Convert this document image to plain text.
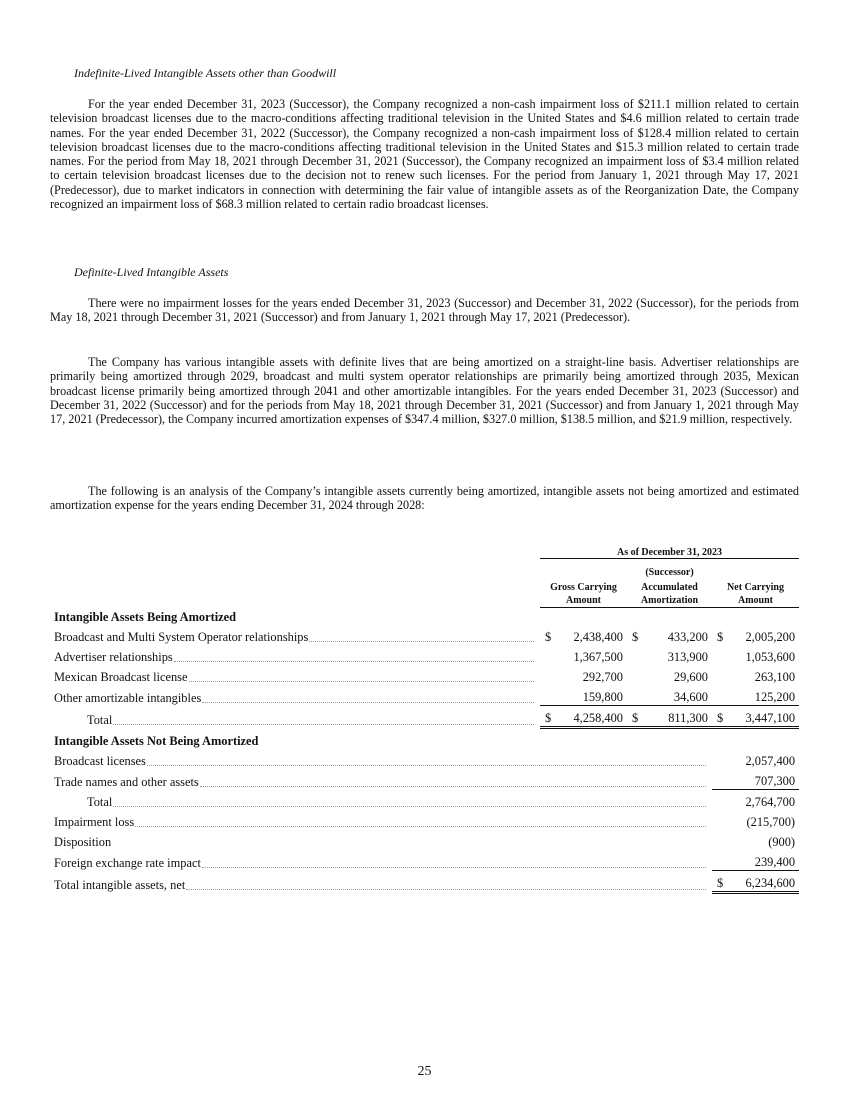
Indefinite-Lived Intangible Assets other than Goodwill

For the year ended December 31, 2023 (Successor), the Company recognized a non-cash impairment loss of $211.1 million related to certain television broadcast licenses due to the macro-conditions affecting traditional television in the United States and $4.6 million related to certain trade names. For the year ended December 31, 2022 (Successor), the Company recognized a non-cash impairment loss of $128.4 million related to certain television broadcast licenses due to the macro-conditions affecting traditional television in the United States and $15.3 million related to certain trade names. For the period from May 18, 2021 through December 31, 2021 (Successor), the Company recognized an impairment loss of $3.4 million related to certain television broadcast licenses due to the decision not to renew such licenses. For the period from January 1, 2021 through May 17, 2021 (Predecessor), due to market indicators in connection with determining the fair value of intangible assets as of the Reorganization Date, the Company recognized an impairment loss of $68.3 million related to certain radio broadcast licenses.

Definite-Lived Intangible Assets

There were no impairment losses for the years ended December 31, 2023 (Successor) and December 31, 2022 (Successor), for the periods from May 18, 2021 through December 31, 2021 (Successor) and from January 1, 2021 through May 17, 2021 (Predecessor).

The Company has various intangible assets with definite lives that are being amortized on a straight-line basis. Advertiser relationships are primarily being amortized through 2029, broadcast and multi system operator relationships are primarily being amortized through 2035, Mexican broadcast license primarily being amortized through 2041 and other amortizable intangibles. For the years ended December 31, 2023 (Successor) and December 31, 2022 (Successor) and for the periods from May 18, 2021 through December 31, 2021 (Successor) and from January 1, 2021 through May 17, 2021 (Predecessor), the Company incurred amortization expenses of $347.4 million, $327.0 million, $138.5 million, and $21.9 million, respectively.

The following is an analysis of the Company’s intangible assets currently being amortized, intangible assets not being amortized and estimated amortization expense for the years ending December 31, 2024 through 2028:

	As of December 31, 2023		
	(Successor)		
	Gross Carrying Amount	Accumulated Amortization	Net Carrying Amount
Intangible Assets Being Amortized			

Broadcast and Multi System Operator relationships	$ 2,438,400	$ 433,200	$ 2,005,200

Advertiser relationships	1,367,500	313,900	1,053,600

Mexican Broadcast license	292,700	29,600	263,100

Other amortizable intangibles	159,800	34,600	125,200

Total	$ 4,258,400	$ 811,300	$ 3,447,100
Intangible Assets Not Being Amortized			

Broadcast licenses			2,057,400

Trade names and other assets			707,300

Total			2,764,700

Impairment loss			(215,700)
Disposition			(900)

Foreign exchange rate impact			239,400

Total intangible assets, net			$ 6,234,600
25
